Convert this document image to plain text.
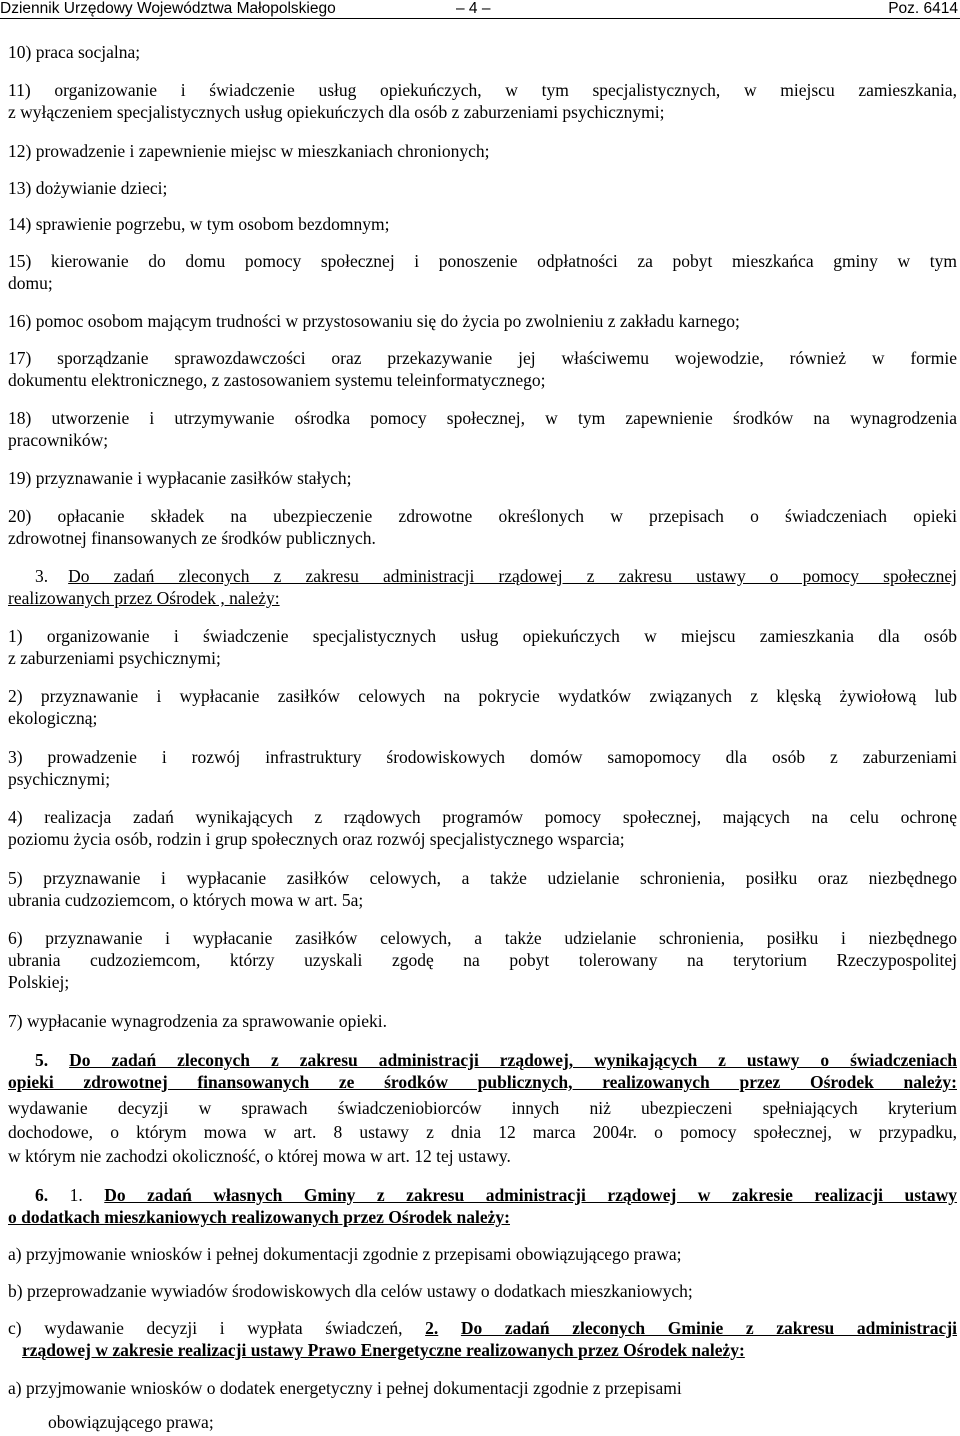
Dziennik Urzędowy Województwa Małopolskiego	– 4 –	Poz. 6414

10) praca socjalna;

11) organizowanie i świadczenie usług opiekuńczych, w tym specjalistycznych, w miejscu zamieszkania,

z wyłączeniem specjalistycznych usług opiekuńczych dla osób z zaburzeniami psychicznymi;

12) prowadzenie i zapewnienie miejsc w mieszkaniach chronionych;

13) dożywianie dzieci;

14) sprawienie pogrzebu, w tym osobom bezdomnym;

15) kierowanie do domu pomocy społecznej i ponoszenie odpłatności za pobyt mieszkańca gminy w tym

domu;

16) pomoc osobom mającym trudności w przystosowaniu się do życia po zwolnieniu z zakładu karnego;

17) sporządzanie sprawozdawczości oraz przekazywanie jej właściwemu wojewodzie, również w formie

dokumentu elektronicznego, z zastosowaniem systemu teleinformatycznego;

18) utworzenie i utrzymywanie ośrodka pomocy społecznej, w tym zapewnienie środków na wynagrodzenia

pracowników;

19) przyznawanie i wypłacanie zasiłków stałych;

20) opłacanie składek na ubezpieczenie zdrowotne określonych w przepisach o świadczeniach opieki

zdrowotnej finansowanych ze środków publicznych.

3. Do zadań zleconych z zakresu administracji rządowej z zakresu ustawy o pomocy społecznej

realizowanych przez Ośrodek , należy:

1) organizowanie i świadczenie specjalistycznych usług opiekuńczych w miejscu zamieszkania dla osób

z zaburzeniami psychicznymi;

2) przyznawanie i wypłacanie zasiłków celowych na pokrycie wydatków związanych z klęską żywiołową lub

ekologiczną;

3) prowadzenie i rozwój infrastruktury środowiskowych domów samopomocy dla osób z zaburzeniami

psychicznymi;

4) realizacja zadań wynikających z rządowych programów pomocy społecznej, mających na celu ochronę

poziomu życia osób, rodzin i grup społecznych oraz rozwój specjalistycznego wsparcia;

5) przyznawanie i wypłacanie zasiłków celowych, a także udzielanie schronienia, posiłku oraz niezbędnego

ubrania cudzoziemcom, o których mowa w art. 5a;

6) przyznawanie i wypłacanie zasiłków celowych, a także udzielanie schronienia, posiłku i niezbędnego

ubrania cudzoziemcom, którzy uzyskali zgodę na pobyt tolerowany na terytorium Rzeczypospolitej

Polskiej;

7) wypłacanie wynagrodzenia za sprawowanie opieki.

5. Do zadań zleconych z zakresu administracji rządowej, wynikających z ustawy o świadczeniach

opieki zdrowotnej finansowanych ze środków publicznych, realizowanych przez Ośrodek należy:

wydawanie decyzji w sprawach świadczeniobiorców innych niż ubezpieczeni spełniających kryterium

dochodowe, o którym mowa w art. 8 ustawy z dnia 12 marca 2004r. o pomocy społecznej, w przypadku,

w którym nie zachodzi okoliczność, o której mowa w art. 12 tej ustawy.

6. 1. Do zadań własnych Gminy z zakresu administracji rządowej w zakresie realizacji ustawy

o dodatkach mieszkaniowych realizowanych przez Ośrodek należy:

a) przyjmowanie wniosków i pełnej dokumentacji zgodnie z przepisami obowiązującego prawa;

b) przeprowadzanie wywiadów środowiskowych dla celów ustawy o dodatkach mieszkaniowych;

c) wydawanie decyzji i wypłata świadczeń, 2. Do zadań zleconych Gminie z zakresu administracji

rządowej w zakresie realizacji ustawy Prawo Energetyczne realizowanych przez Ośrodek należy:

a) przyjmowanie wniosków o dodatek energetyczny i pełnej dokumentacji zgodnie z przepisami

obowiązującego prawa;
